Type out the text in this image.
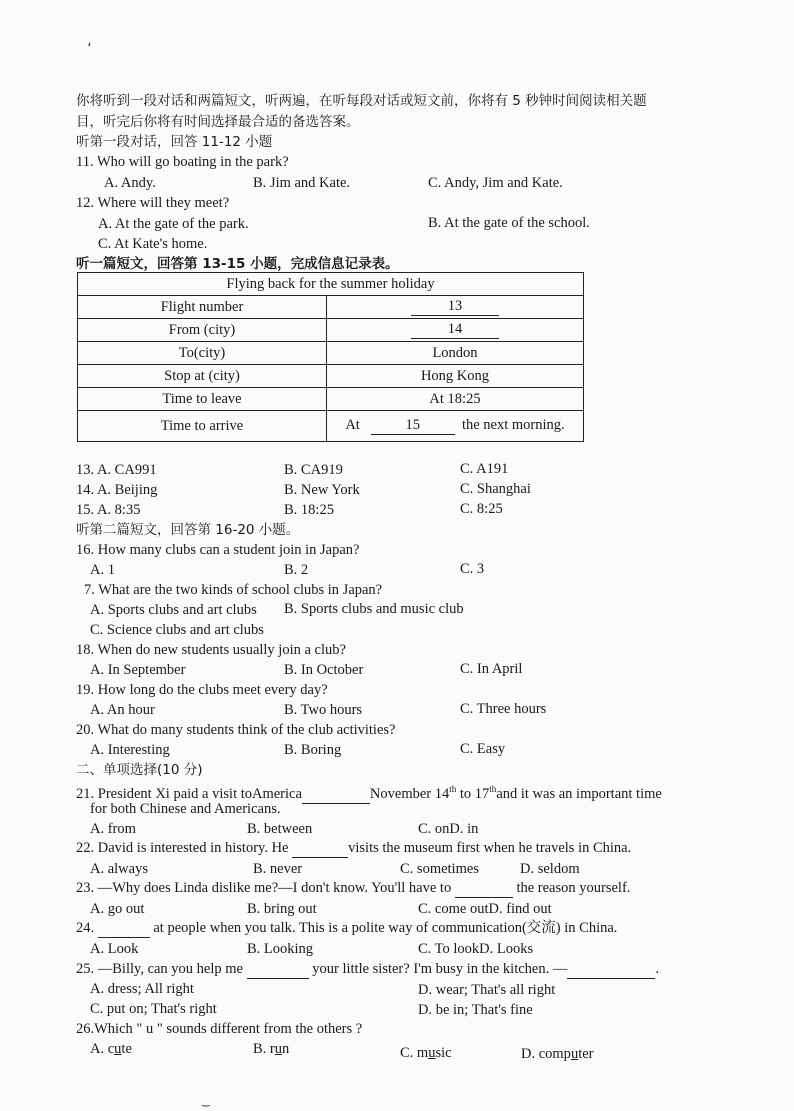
،
你将听到一段对话和两篇短文，听两遍，在听每段对话或短文前，你将有 5 秒钟时间阅读相关题
目，听完后你将有时间选择最合适的备选答案。
听第一段对话，回答 11-12 小题
11. Who will go boating in the park?
A. Andy.	B. Jim and Kate.	C. Andy, Jim and Kate.
12. Where will they meet?
A. At the gate of the park.	B. At the gate of the school.
C. At Kate's home.
听一篇短文，回答第 13-15 小题，完成信息记录表。
Flying back for the summer holiday	
Flight number	13
From (city)	14
To(city)	London
Stop at (city)	Hong Kong
Time to leave	At 18:25
Time to arrive	At 15 the next morning.
13. A. CA991	B. CA919	C. A191
14. A. Beijing	B. New York	C. Shanghai
15. A. 8:35	B. 18:25	C. 8:25
听第二篇短文，回答第 16-20 小题。
16. How many clubs can a student join in Japan?
A. 1	B. 2	C. 3
7. What are the two kinds of school clubs in Japan?
A. Sports clubs and art clubs B. Sports clubs and music club
C. Science clubs and art clubs
18. When do new students usually join a club?
A. In September	B. In October	C. In April
19. How long do the clubs meet every day?
A. An hour	B. Two hours	C. Three hours
20. What do many students think of the club activities?
A. Interesting	B. Boring	C. Easy
二、单项选择(10 分)
21. President Xi paid a visit toAmerica	November 14th to 17thand it was an important time
for both Chinese and Americans.
A. from	B. between	C. onD. in
22. David is interested in history. He	visits the museum first when he travels in China.
A. always	B. never	C. sometimes	D. seldom
23. —Why does Linda dislike me?—I don't know. You'll have to	the reason yourself.
A. go out	B. bring out	C. come outD. find out
24.	at people when you talk. This is a polite way of communication(交流) in China.
A. Look	B. Looking	C. To lookD. Looks
25. —Billy, can you help me	your little sister? I'm busy in the kitchen. —	.
A. dress; All right	D. wear; That's all right
C. put on; That's right	D. be in; That's fine
26.Which " u " sounds different from the others ?
A. cute	B. run	C. music	D. computer
‿
